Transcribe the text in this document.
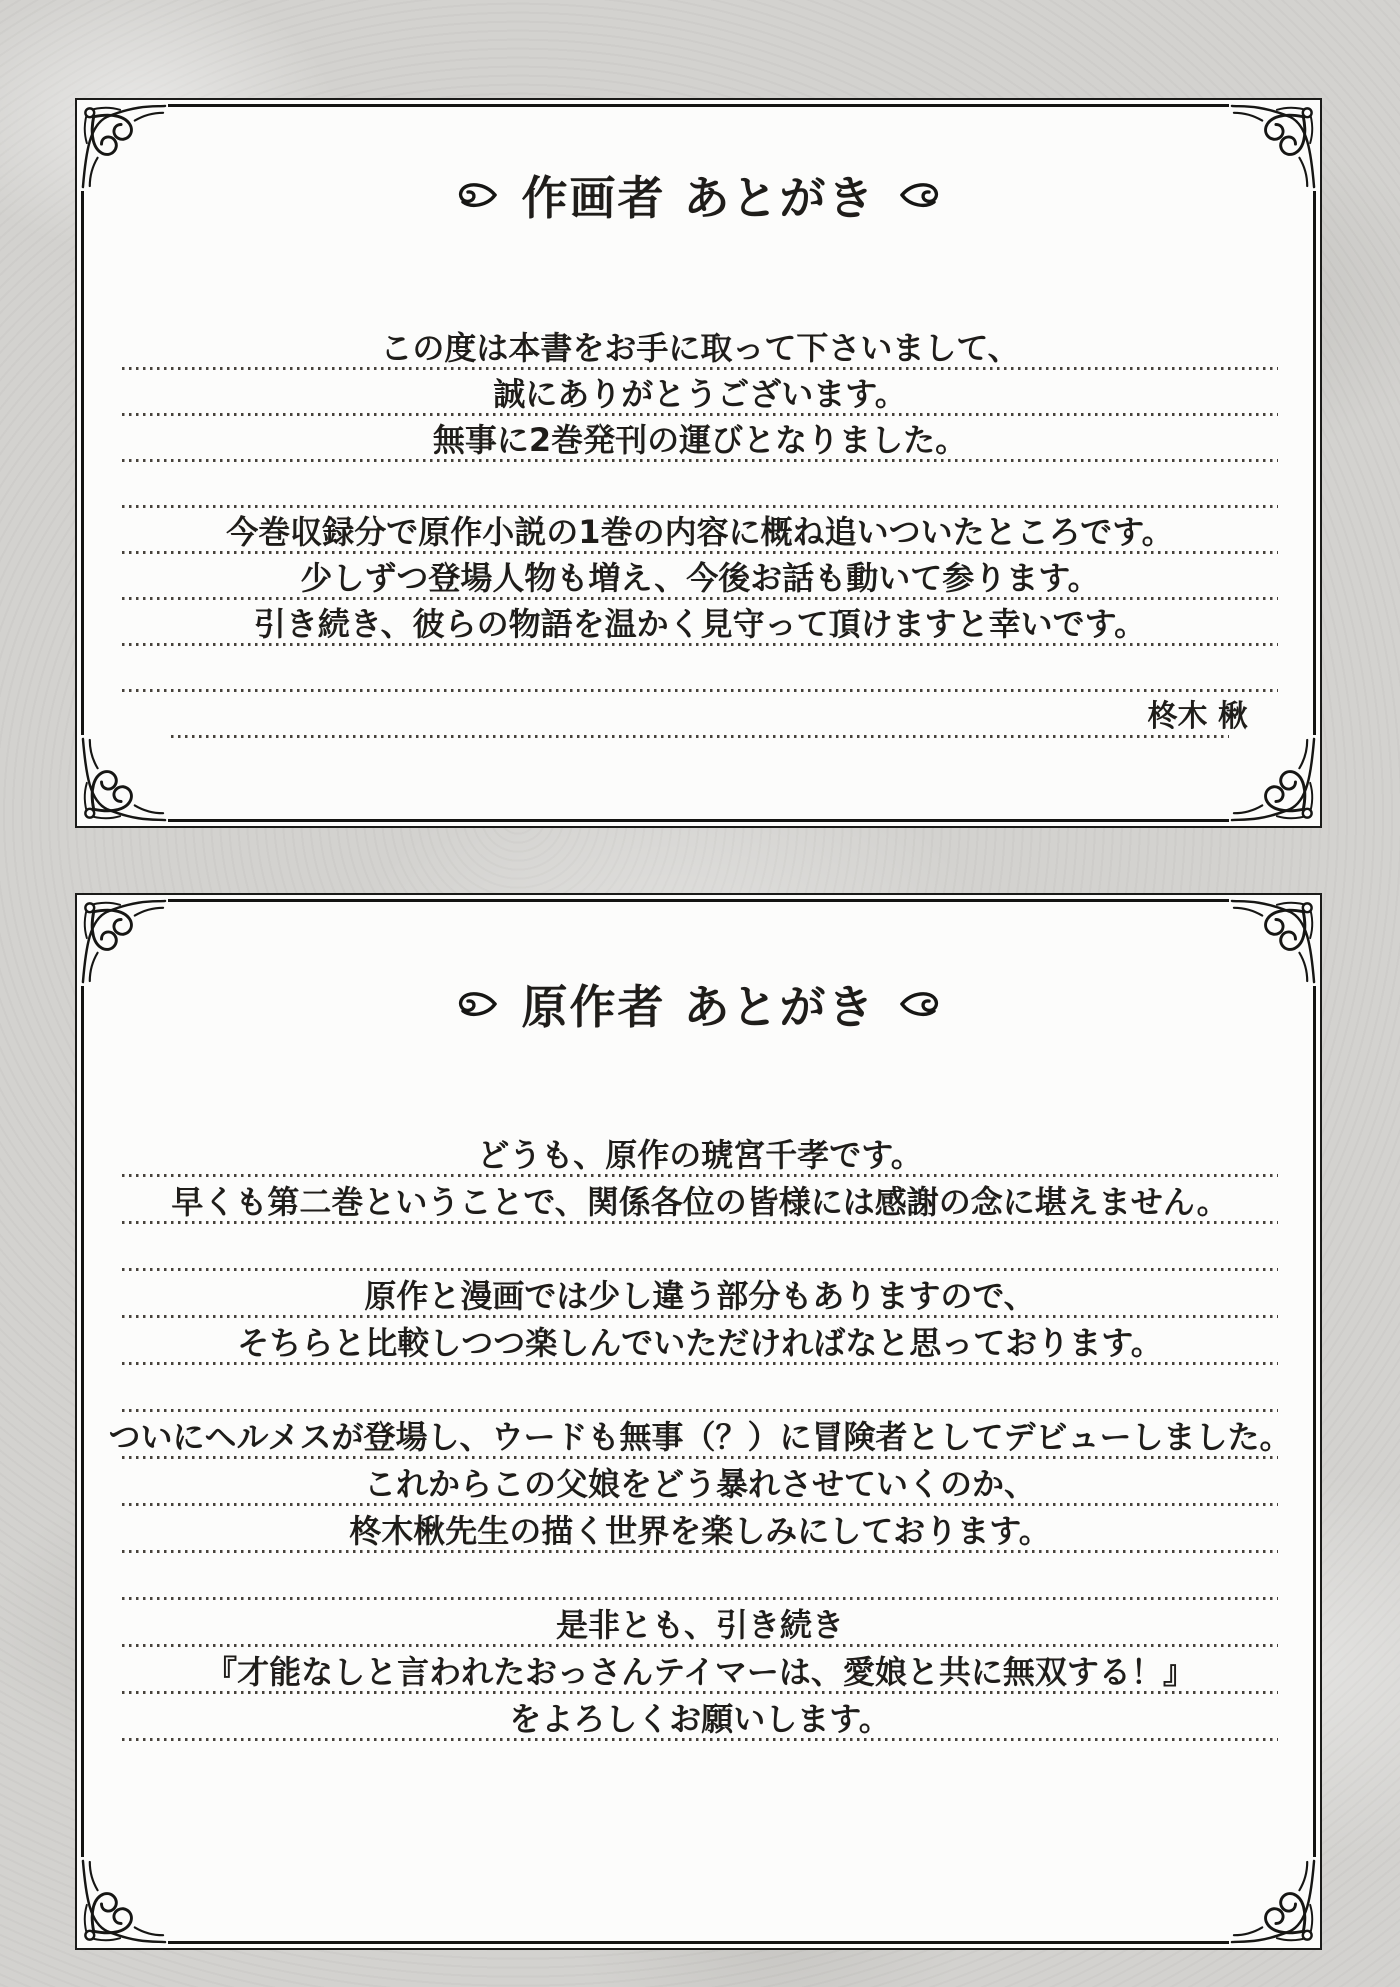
作画者 あとがき
この度は本書をお手に取って下さいまして、
誠にありがとうございます。
無事に2巻発刊の運びとなりました。
今巻収録分で原作小説の1巻の内容に概ね追いついたところです。
少しずつ登場人物も増え、今後お話も動いて参ります。
引き続き、彼らの物語を温かく見守って頂けますと幸いです。
柊木 楸
原作者 あとがき
どうも、原作の琥宮千孝です。
早くも第二巻ということで、関係各位の皆様には感謝の念に堪えません。
原作と漫画では少し違う部分もありますので、
そちらと比較しつつ楽しんでいただければなと思っております。
ついにヘルメスが登場し、ウードも無事（？）に冒険者としてデビューしました。
これからこの父娘をどう暴れさせていくのか、
柊木楸先生の描く世界を楽しみにしております。
是非とも、引き続き
『才能なしと言われたおっさんテイマーは、愛娘と共に無双する！』
をよろしくお願いします。
